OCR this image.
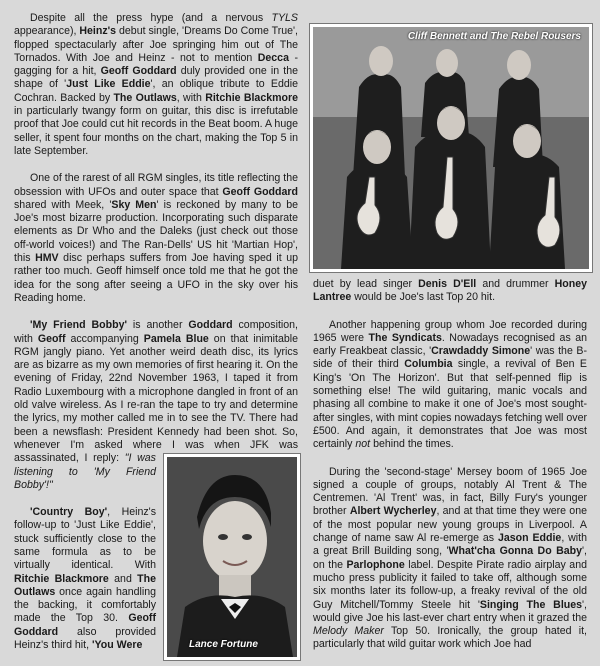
Despite all the press hype (and a nervous TYLS appearance), Heinz's debut single, 'Dreams Do Come True', flopped spectacularly after Joe springing him out of The Tornados. With Joe and Heinz - not to mention Decca - gagging for a hit, Geoff Goddard duly provided one in the shape of 'Just Like Eddie', an oblique tribute to Eddie Cochran. Backed by The Outlaws, with Ritchie Blackmore in particularly twangy form on guitar, this disc is irrefutable proof that Joe could cut hit records in the Beat boom. A huge seller, it spent four months on the chart, making the Top 5 in late September.

One of the rarest of all RGM singles, its title reflecting the obsession with UFOs and outer space that Geoff Goddard shared with Meek, 'Sky Men' is reckoned by many to be Joe's most bizarre production. Incorporating such disparate elements as Dr Who and the Daleks (just check out those off-world voices!) and The Ran-Dells' US hit 'Martian Hop', this HMV disc perhaps suffers from Joe having sped it up rather too much. Geoff himself once told me that he got the idea for the song after seeing a UFO in the sky over his Reading home.

'My Friend Bobby' is another Goddard composition, with Geoff accompanying Pamela Blue on that inimitable RGM jangly piano. Yet another weird death disc, its lyrics are as bizarre as my own memories of first hearing it. On the evening of Friday, 22nd November 1963, I taped it from Radio Luxembourg with a microphone dangled in front of an old valve wireless. As I re-ran the tape to try and determine the lyrics, my mother called me in to see the TV. There had been a newsflash: President Kennedy had been shot. So, whenever I'm asked where I was when JFK was assassinated, I reply:
Lance Fortune
"I was listening to 'My Friend Bobby'!"

'Country Boy', Heinz's follow-up to 'Just Like Eddie', stuck sufficiently close to the same formula as to be virtually identical. With Ritchie Blackmore and The Outlaws once again handling the backing, it comfortably made the Top 30. Geoff Goddard also provided Heinz's third hit, 'You Were

Cliff Bennett and The Rebel Rousers

duet by lead singer Denis D'Ell and drummer Honey Lantree would be Joe's last Top 20 hit.

Another happening group whom Joe recorded during 1965 were The Syndicats. Nowadays recognised as an early Freakbeat classic, 'Crawdaddy Simone' was the B-side of their third Columbia single, a revival of Ben E King's 'On The Horizon'. But that self-penned flip is something else! The wild guitaring, manic vocals and phasing all combine to make it one of Joe's most sought-after singles, with mint copies nowadays fetching well over £500. And again, it demonstrates that Joe was most certainly not behind the times.

During the 'second-stage' Mersey boom of 1965 Joe signed a couple of groups, notably Al Trent & The Centremen. 'Al Trent' was, in fact, Billy Fury's younger brother Albert Wycherley, and at that time they were one of the most popular new young groups in Liverpool. A change of name saw Al re-emerge as Jason Eddie, with a great Brill Building song, 'What'cha Gonna Do Baby', on the Parlophone label. Despite Pirate radio airplay and mucho press publicity it failed to take off, although some six months later its follow-up, a freaky revival of the old Guy Mitchell/Tommy Steele hit 'Singing The Blues', would give Joe his last-ever chart entry when it grazed the Melody Maker Top 50. Ironically, the group hated it, particularly that wild guitar work which Joe had
